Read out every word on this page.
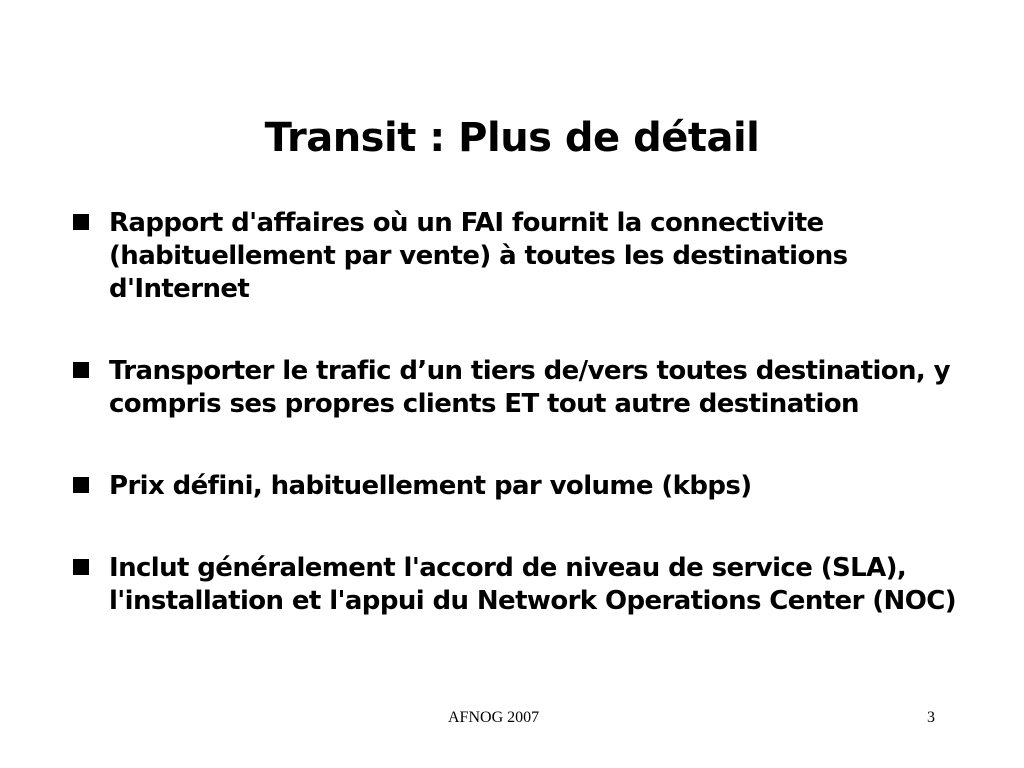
Transit : Plus de détail
Rapport d'affaires où un FAI fournit la connectivite (habituellement par vente) à toutes les destinations d'Internet
Transporter le trafic d’un tiers de/vers toutes destination, y compris ses propres clients ET tout autre destination
Prix défini, habituellement par volume (kbps)
Inclut généralement l'accord de niveau de service (SLA), l'installation et l'appui du Network Operations Center (NOC)
AFNOG 2007	3
